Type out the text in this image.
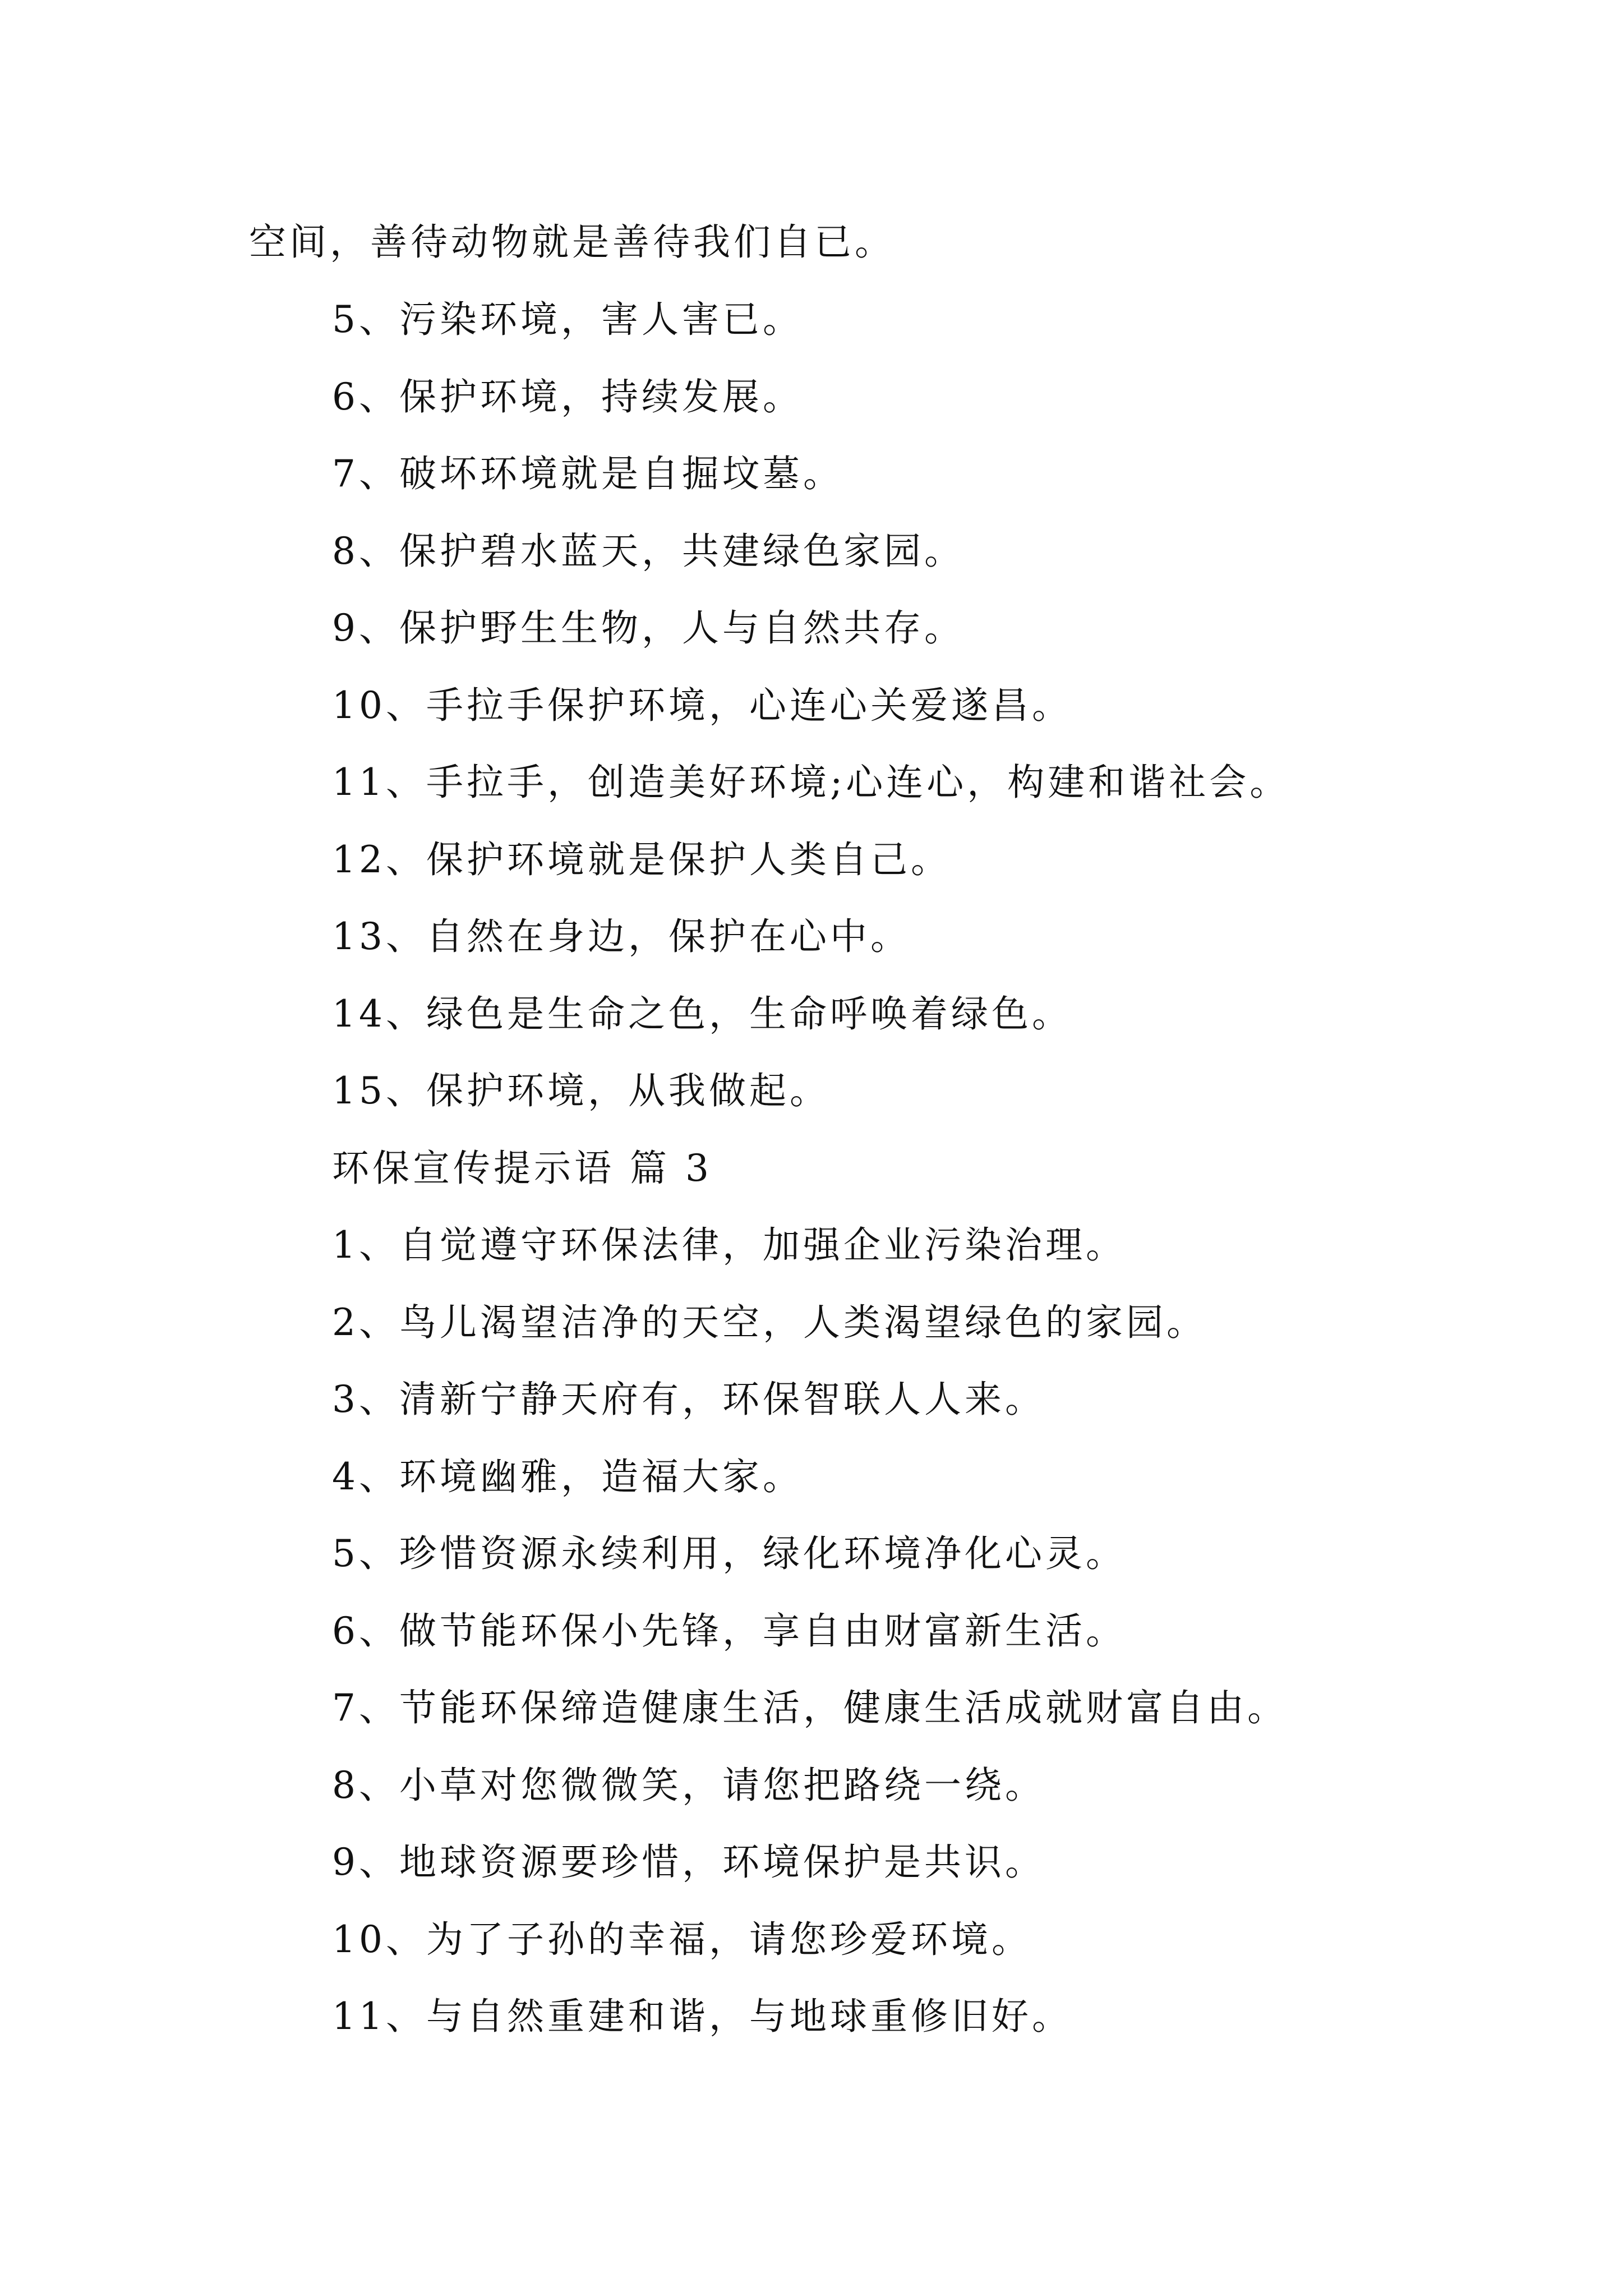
空间，善待动物就是善待我们自已。
5、污染环境，害人害已。
6、保护环境，持续发展。
7、破坏环境就是自掘坟墓。
8、保护碧水蓝天，共建绿色家园。
9、保护野生生物，人与自然共存。
10、手拉手保护环境，心连心关爱遂昌。
11、手拉手，创造美好环境;心连心，构建和谐社会。
12、保护环境就是保护人类自己。
13、自然在身边，保护在心中。
14、绿色是生命之色，生命呼唤着绿色。
15、保护环境，从我做起。
环保宣传提示语 篇 3
1、自觉遵守环保法律，加强企业污染治理。
2、鸟儿渴望洁净的天空，人类渴望绿色的家园。
3、清新宁静天府有，环保智联人人来。
4、环境幽雅，造福大家。
5、珍惜资源永续利用，绿化环境净化心灵。
6、做节能环保小先锋，享自由财富新生活。
7、节能环保缔造健康生活，健康生活成就财富自由。
8、小草对您微微笑，请您把路绕一绕。
9、地球资源要珍惜，环境保护是共识。
10、为了子孙的幸福，请您珍爱环境。
11、与自然重建和谐，与地球重修旧好。
